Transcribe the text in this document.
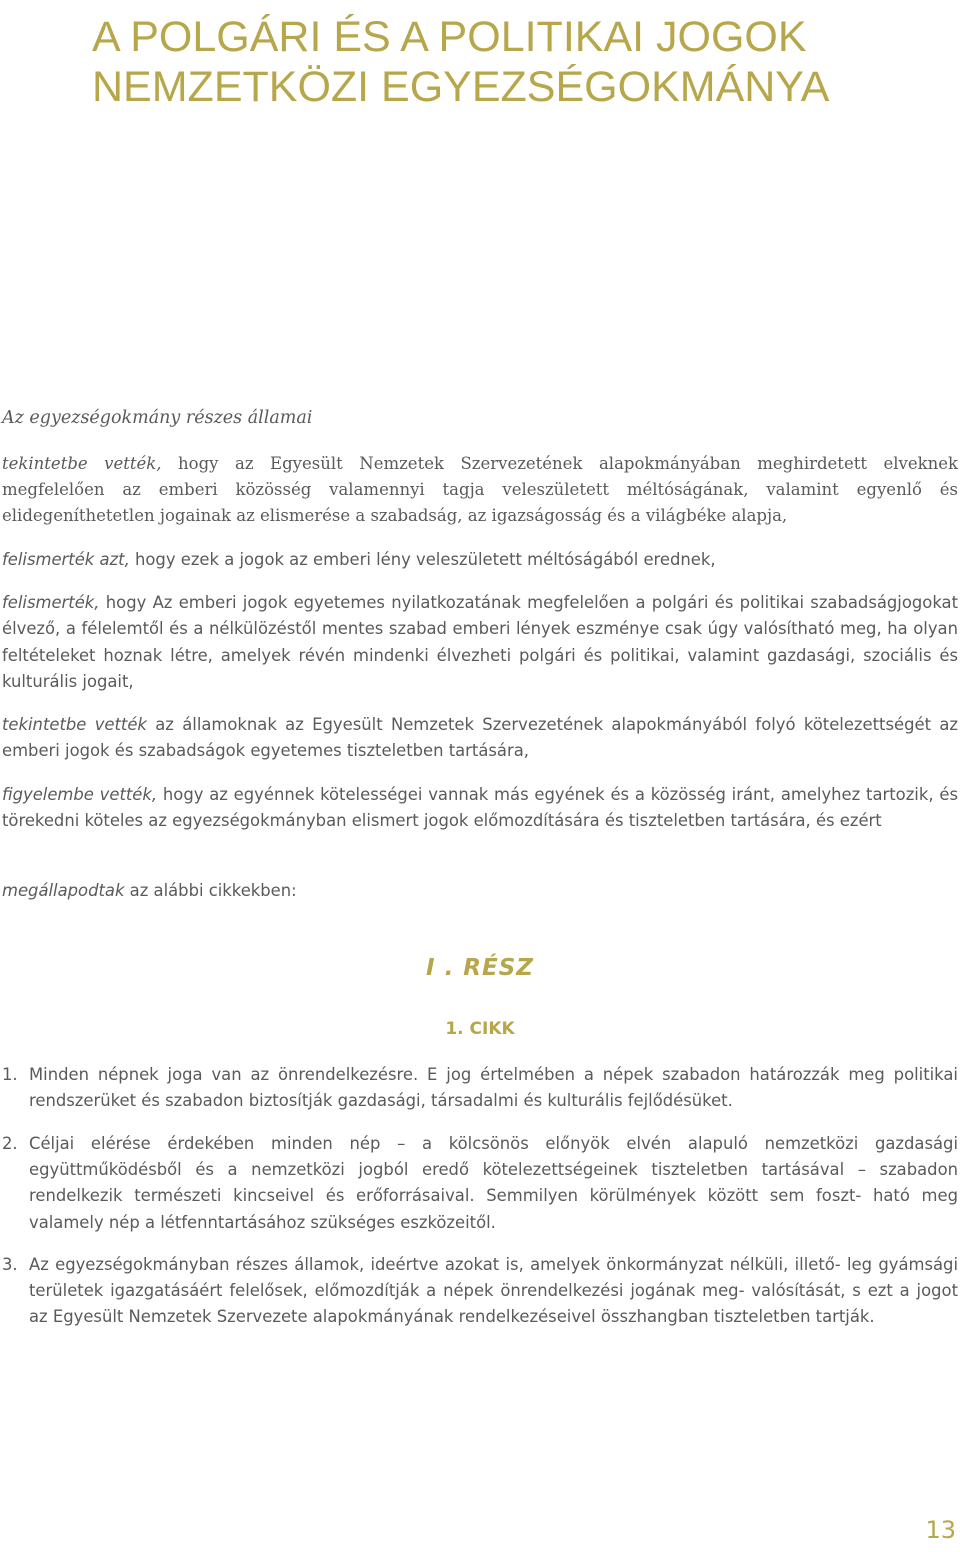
A POLGÁRI ÉS A POLITIKAI JOGOK
NEMZETKÖZI EGYEZSÉGOKMÁNYA

Az egyezségokmány részes államai

tekintetbe vették, hogy az Egyesült Nemzetek Szervezetének alapokmányában meghirdetett elveknek megfelelően az emberi közösség valamennyi tagja veleszületett méltóságának, valamint egyenlő és elidegeníthetetlen jogainak az elismerése a szabadság, az igazságosság és a világbéke alapja,

felismerték azt, hogy ezek a jogok az emberi lény veleszületett méltóságából erednek,

felismerték, hogy Az emberi jogok egyetemes nyilatkozatának megfelelően a polgári és politikai szabadságjogokat élvező, a félelemtől és a nélkülözéstől mentes szabad emberi lények eszménye csak úgy valósítható meg, ha olyan feltételeket hoznak létre, amelyek révén mindenki élvezheti polgári és politikai, valamint gazdasági, szociális és kulturális jogait,

tekintetbe vették az államoknak az Egyesült Nemzetek Szervezetének alapokmányából folyó kötelezettségét az emberi jogok és szabadságok egyetemes tiszteletben tartására,

figyelembe vették, hogy az egyénnek kötelességei vannak más egyének és a közösség iránt, amelyhez tartozik, és törekedni köteles az egyezségokmányban elismert jogok előmozdítására és tiszteletben tartására, és ezért

megállapodtak az alábbi cikkekben:

I . RÉSZ
1. CIKK
1. Minden népnek joga van az önrendelkezésre. E jog értelmében a népek szabadon határozzák meg politikai rendszerüket és szabadon biztosítják gazdasági, társadalmi és kulturális fejlődésüket.
2. Céljai elérése érdekében minden nép – a kölcsönös előnyök elvén alapuló nemzetközi gazdasági együttműködésből és a nemzetközi jogból eredő kötelezettségeinek tiszteletben tartásával – szabadon rendelkezik természeti kincseivel és erőforrásaival. Semmilyen körülmények között sem foszt- ható meg valamely nép a létfenntartásához szükséges eszközeitől.
3. Az egyezségokmányban részes államok, ideértve azokat is, amelyek önkormányzat nélküli, illető- leg gyámsági területek igazgatásáért felelősek, előmozdítják a népek önrendelkezési jogának meg- valósítását, s ezt a jogot az Egyesült Nemzetek Szervezete alapokmányának rendelkezéseivel összhangban tiszteletben tartják.

13
